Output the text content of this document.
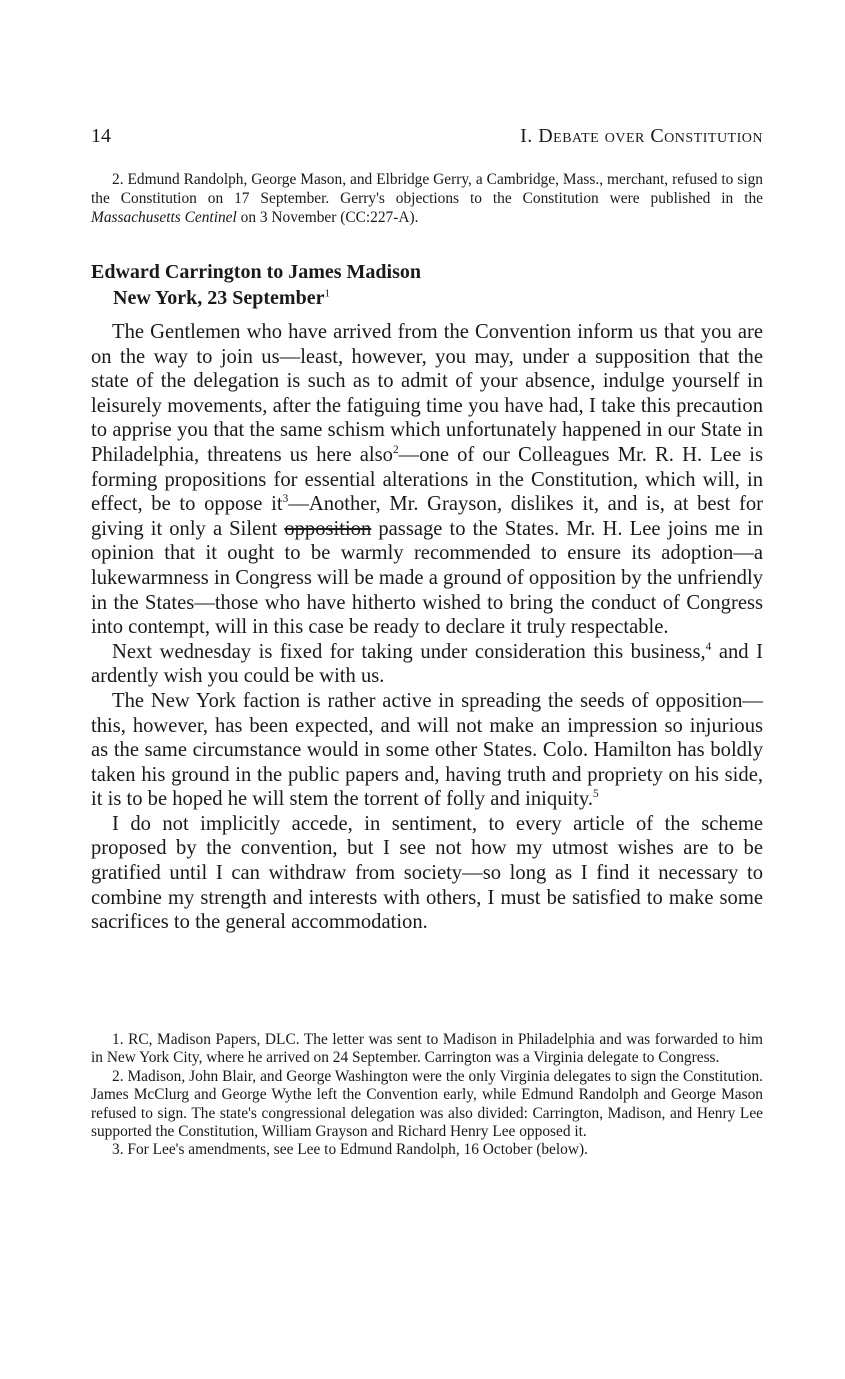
14	I. Debate over Constitution

2. Edmund Randolph, George Mason, and Elbridge Gerry, a Cambridge, Mass., merchant, refused to sign the Constitution on 17 September. Gerry's objections to the Constitution were published in the Massachusetts Centinel on 3 November (CC:227-A).

Edward Carrington to James Madison
New York, 23 September$^1$

The Gentlemen who have arrived from the Convention inform us that you are on the way to join us—least, however, you may, under a supposition that the state of the delegation is such as to admit of your absence, indulge yourself in leisurely movements, after the fatiguing time you have had, I take this precaution to apprise you that the same schism which unfortunately happened in our State in Philadelphia, threatens us here also$^2$—one of our Colleagues Mr. R. H. Lee is forming propositions for essential alterations in the Constitution, which will, in effect, be to oppose $it^3—Another$, Mr. Grayson, dislikes it, and is, at best for giving it only a Silent opposition passage to the States. Mr. H. Lee joins me in opinion that it ought to be warmly recommended to ensure its adoption—a lukewarmness in Congress will be made a ground of opposition by the unfriendly in the States—those who have hitherto wished to bring the conduct of Congress into contempt, will in this case be ready to declare it truly respectable.

Next wednesday is fixed for taking under consideration this business,$^4$ and I ardently wish you could be with us.

The New York faction is rather active in spreading the seeds of opposition—this, however, has been expected, and will not make an impression so injurious as the same circumstance would in some other States. Colo. Hamilton has boldly taken his ground in the public papers and, having truth and propriety on his side, it is to be hoped he will stem the torrent of folly and iniquity.$^5$

I do not implicitly accede, in sentiment, to every article of the scheme proposed by the convention, but I see not how my utmost wishes are to be gratified until I can withdraw from society—so long as I find it necessary to combine my strength and interests with others, I must be satisfied to make some sacrifices to the general accommodation.

1. RC, Madison Papers, DLC. The letter was sent to Madison in Philadelphia and was forwarded to him in New York City, where he arrived on 24 September. Carrington was a Virginia delegate to Congress.

2. Madison, John Blair, and George Washington were the only Virginia delegates to sign the Constitution. James McClurg and George Wythe left the Convention early, while Edmund Randolph and George Mason refused to sign. The state's congressional delegation was also divided: Carrington, Madison, and Henry Lee supported the Constitution, William Grayson and Richard Henry Lee opposed it.

3. For Lee's amendments, see Lee to Edmund Randolph, 16 October (below).
